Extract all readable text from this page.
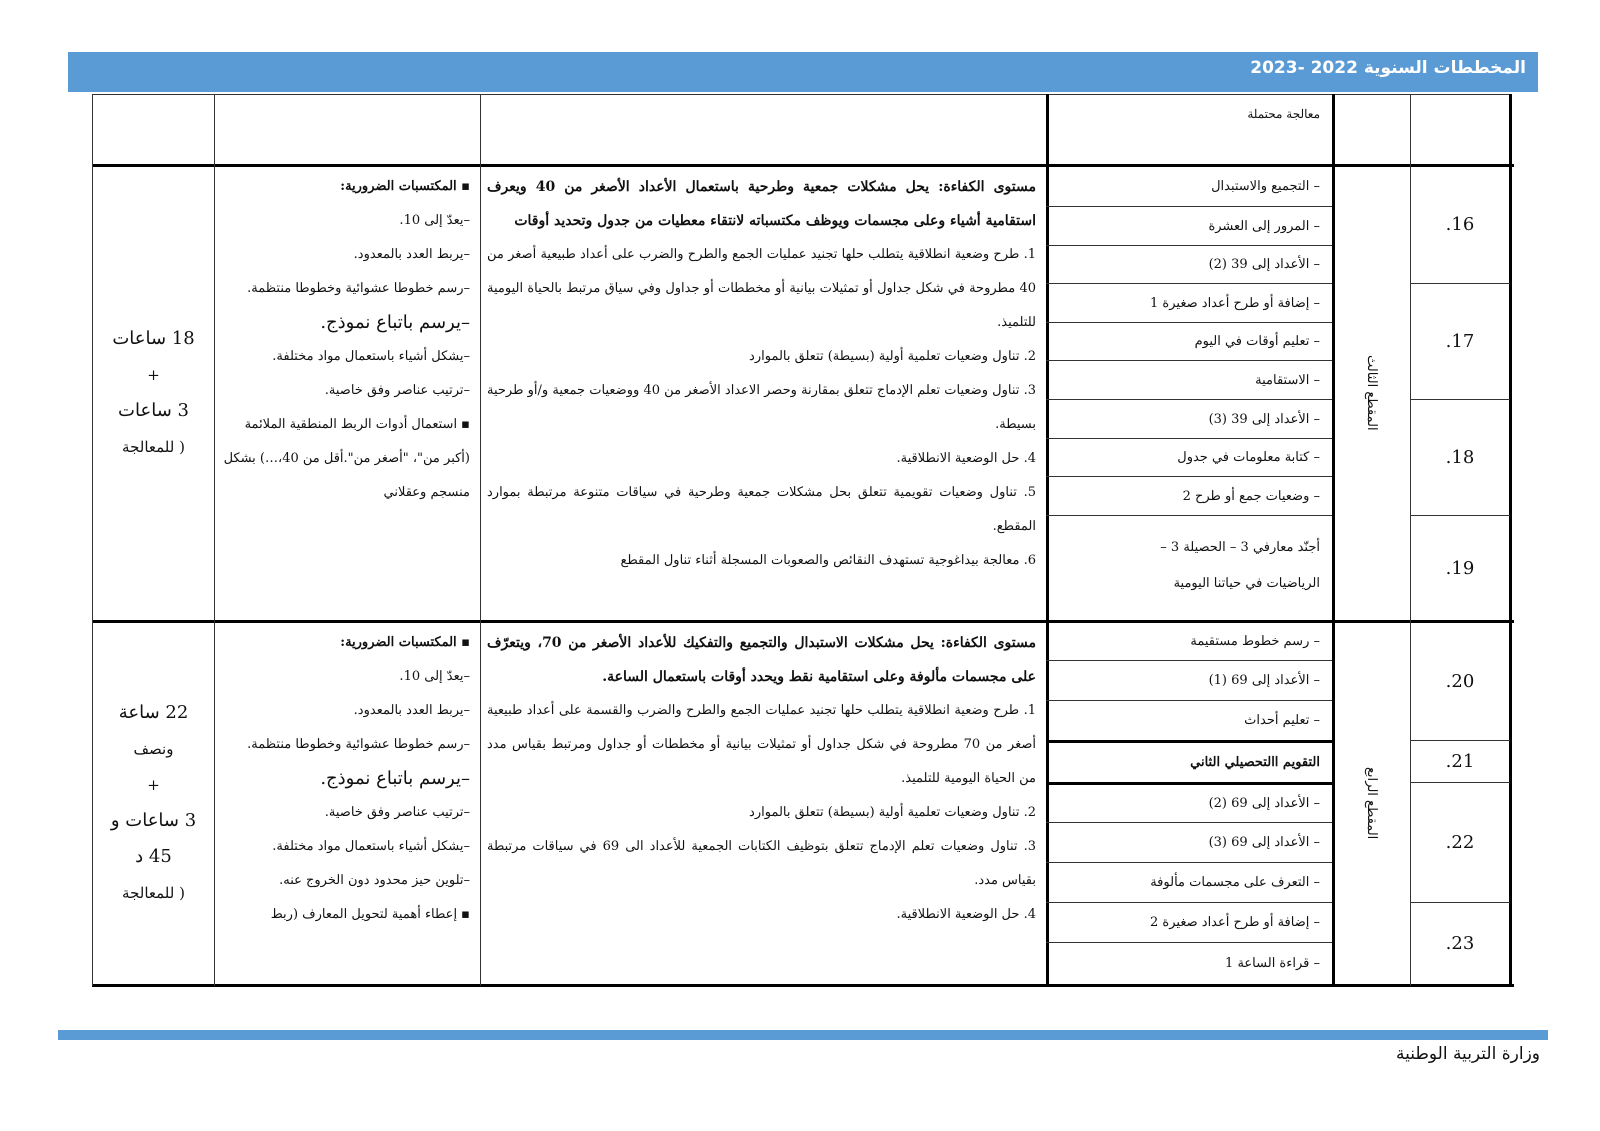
المخططات السنوية 2022 -2023
معالجة محتملة
المقطع الثالث
.16
.17
.18
.19
– التجميع والاستبدال
– المرور إلى العشرة
– الأعداد إلى 39 (2)
– إضافة أو طرح أعداد صغيرة 1
– تعليم أوقات في اليوم
– الاستقامية
– الأعداد إلى 39 (3)
– كتابة معلومات في جدول
– وضعيات جمع أو طرح 2
أجنّد معارفي 3 – الحصيلة 3 –
الرياضيات في حياتنا اليومية

مستوى الكفاءة: يحل مشكلات جمعية وطرحية باستعمال الأعداد الأصغر من 40 ويعرف استقامية أشياء وعلى مجسمات ويوظف مكتسباته لانتقاء معطيات من جدول وتحديد أوقات

1. طرح وضعية انطلاقية يتطلب حلها تجنيد عمليات الجمع والطرح والضرب على أعداد طبيعية أصغر من 40 مطروحة في شكل جداول أو تمثيلات بيانية أو مخططات أو جداول وفي سياق مرتبط بالحياة اليومية للتلميذ.

2. تناول وضعيات تعلمية أولية (بسيطة) تتعلق بالموارد

3. تناول وضعيات تعلم الإدماج تتعلق بمقارنة وحصر الاعداد الأصغر من 40 ووضعيات جمعية و/أو طرحية بسيطة.

4. حل الوضعية الانطلاقية.

5. تناول وضعيات تقويمية تتعلق بحل مشكلات جمعية وطرحية في سياقات متنوعة مرتبطة بموارد المقطع.

6. معالجة بيداغوجية تستهدف النقائص والصعوبات المسجلة أثناء تناول المقطع

▪ المكتسبات الضرورية:

–يعدّ إلى 10.

–يربط العدد بالمعدود.

–رسم خطوطا عشوائية وخطوطا منتظمة.

–يرسم باتباع نموذج.

–يشكل أشياء باستعمال مواد مختلفة.

–ترتيب عناصر وفق خاصية.

▪ استعمال أدوات الربط المنطقية الملائمة (أكبر من"، "أصغر من".أقل من 40،…) بشكل منسجم وعقلاني

18 ساعات
+
3 ساعات
( للمعالجة
المقطع الرابع
.20
.21
.22
.23
– رسم خطوط مستقيمة
– الأعداد إلى 69 (1)
– تعليم أحداث
التقويم االتحصيلي الثاني
– الأعداد إلى 69 (2)
– الأعداد إلى 69 (3)
– التعرف على مجسمات مألوفة
– إضافة أو طرح أعداد صغيرة 2
– قراءة الساعة 1

مستوى الكفاءة: يحل مشكلات الاستبدال والتجميع والتفكيك للأعداد الأصغر من 70، ويتعرّف على مجسمات مألوفة وعلى استقامية نقط ويحدد أوقات باستعمال الساعة.

1. طرح وضعية انطلاقية يتطلب حلها تجنيد عمليات الجمع والطرح والضرب والقسمة على أعداد طبيعية أصغر من 70 مطروحة في شكل جداول أو تمثيلات بيانية أو مخططات أو جداول ومرتبط بقياس مدد من الحياة اليومية للتلميذ.

2. تناول وضعيات تعلمية أولية (بسيطة) تتعلق بالموارد

3. تناول وضعيات تعلم الإدماج تتعلق بتوظيف الكتابات الجمعية للأعداد الى 69 في سياقات مرتبطة بقياس مدد.

4. حل الوضعية الانطلاقية.

▪ المكتسبات الضرورية:

–يعدّ إلى 10.

–يربط العدد بالمعدود.

–رسم خطوطا عشوائية وخطوطا منتظمة.

–يرسم باتباع نموذج.

–ترتيب عناصر وفق خاصية.

–يشكل أشياء باستعمال مواد مختلفة.

–تلوين حيز محدود دون الخروج عنه.

▪ إعطاء أهمية لتحويل المعارف (ربط

22 ساعة
ونصف
+
3 ساعات و
45 د
( للمعالجة
وزارة التربية الوطنية
